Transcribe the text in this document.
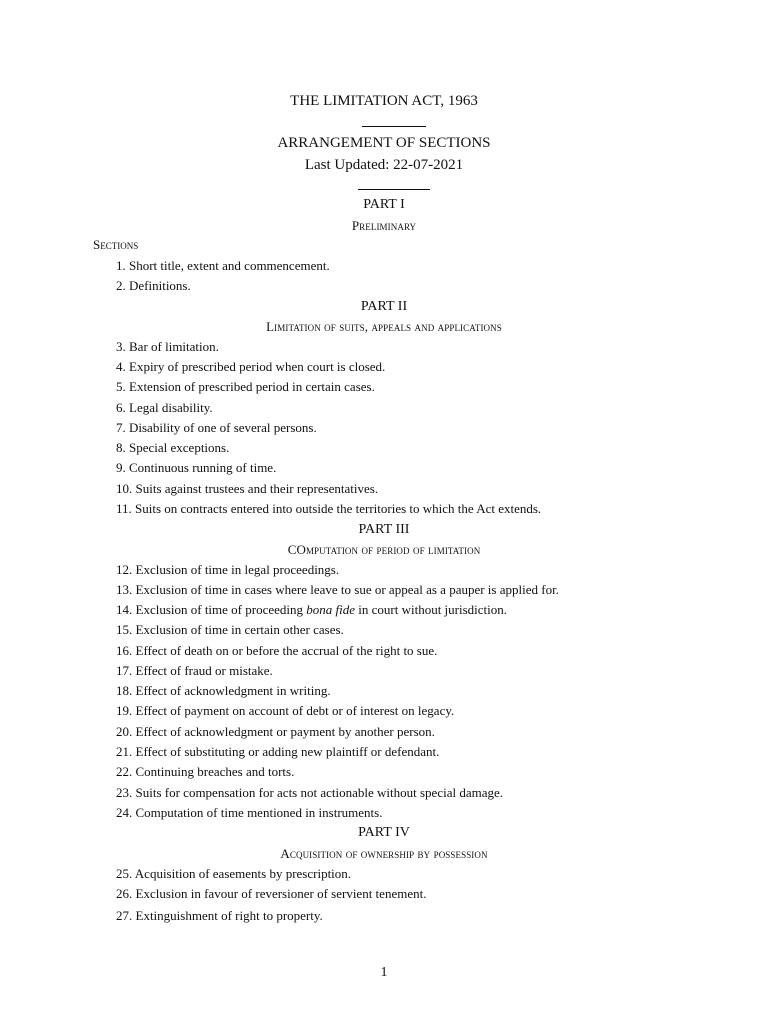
THE LIMITATION ACT, 1963
ARRANGEMENT OF SECTIONS
Last Updated: 22-07-2021
PART I
Preliminary
Sections
1. Short title, extent and commencement.
2. Definitions.
PART II
Limitation of suits, appeals and applications
3. Bar of limitation.
4. Expiry of prescribed period when court is closed.
5. Extension of prescribed period in certain cases.
6. Legal disability.
7. Disability of one of several persons.
8. Special exceptions.
9. Continuous running of time.
10. Suits against trustees and their representatives.
11. Suits on contracts entered into outside the territories to which the Act extends.
PART III
COmputation of period of limitation
12. Exclusion of time in legal proceedings.
13. Exclusion of time in cases where leave to sue or appeal as a pauper is applied for.
14. Exclusion of time of proceeding bona fide in court without jurisdiction.
15. Exclusion of time in certain other cases.
16. Effect of death on or before the accrual of the right to sue.
17. Effect of fraud or mistake.
18. Effect of acknowledgment in writing.
19. Effect of payment on account of debt or of interest on legacy.
20. Effect of acknowledgment or payment by another person.
21. Effect of substituting or adding new plaintiff or defendant.
22. Continuing breaches and torts.
23. Suits for compensation for acts not actionable without special damage.
24. Computation of time mentioned in instruments.
PART IV
Acquisition of ownership by possession
25. Acquisition of easements by prescription.
26. Exclusion in favour of reversioner of servient tenement.
27. Extinguishment of right to property.
1
